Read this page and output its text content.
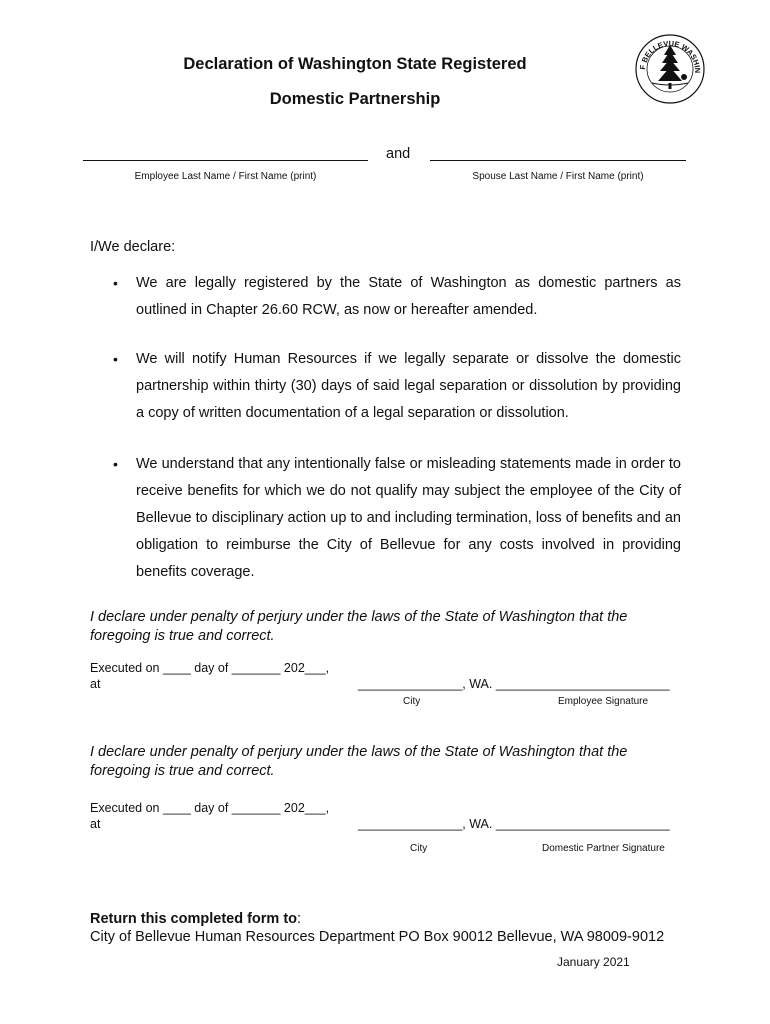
Declaration of Washington State Registered
Domestic Partnership
F BELLEVUE WASHIN
and
Employee Last Name / First Name (print)	Spouse Last Name / First Name (print)
I/We declare:
• We are legally registered by the State of Washington as domestic partners as outlined in Chapter 26.60 RCW, as now or hereafter amended.
• We will notify Human Resources if we legally separate or dissolve the domestic partnership within thirty (30) days of said legal separation or dissolution by providing a copy of written documentation of a legal separation or dissolution.
• We understand that any intentionally false or misleading statements made in order to receive benefits for which we do not qualify may subject the employee of the City of Bellevue to disciplinary action up to and including termination, loss of benefits and an obligation to reimburse the City of Bellevue for any costs involved in providing benefits coverage.
I declare under penalty of perjury under the laws of the State of Washington that the foregoing is true and correct.
Executed on ____ day of _______ 202___,
at	_______________, WA. _________________________
City	Employee Signature
I declare under penalty of perjury under the laws of the State of Washington that the foregoing is true and correct.
Executed on ____ day of _______ 202___,
at	_______________, WA. _________________________
City	Domestic Partner Signature
Return this completed form to:
City of Bellevue Human Resources Department PO Box 90012 Bellevue, WA 98009-9012
January 2021
